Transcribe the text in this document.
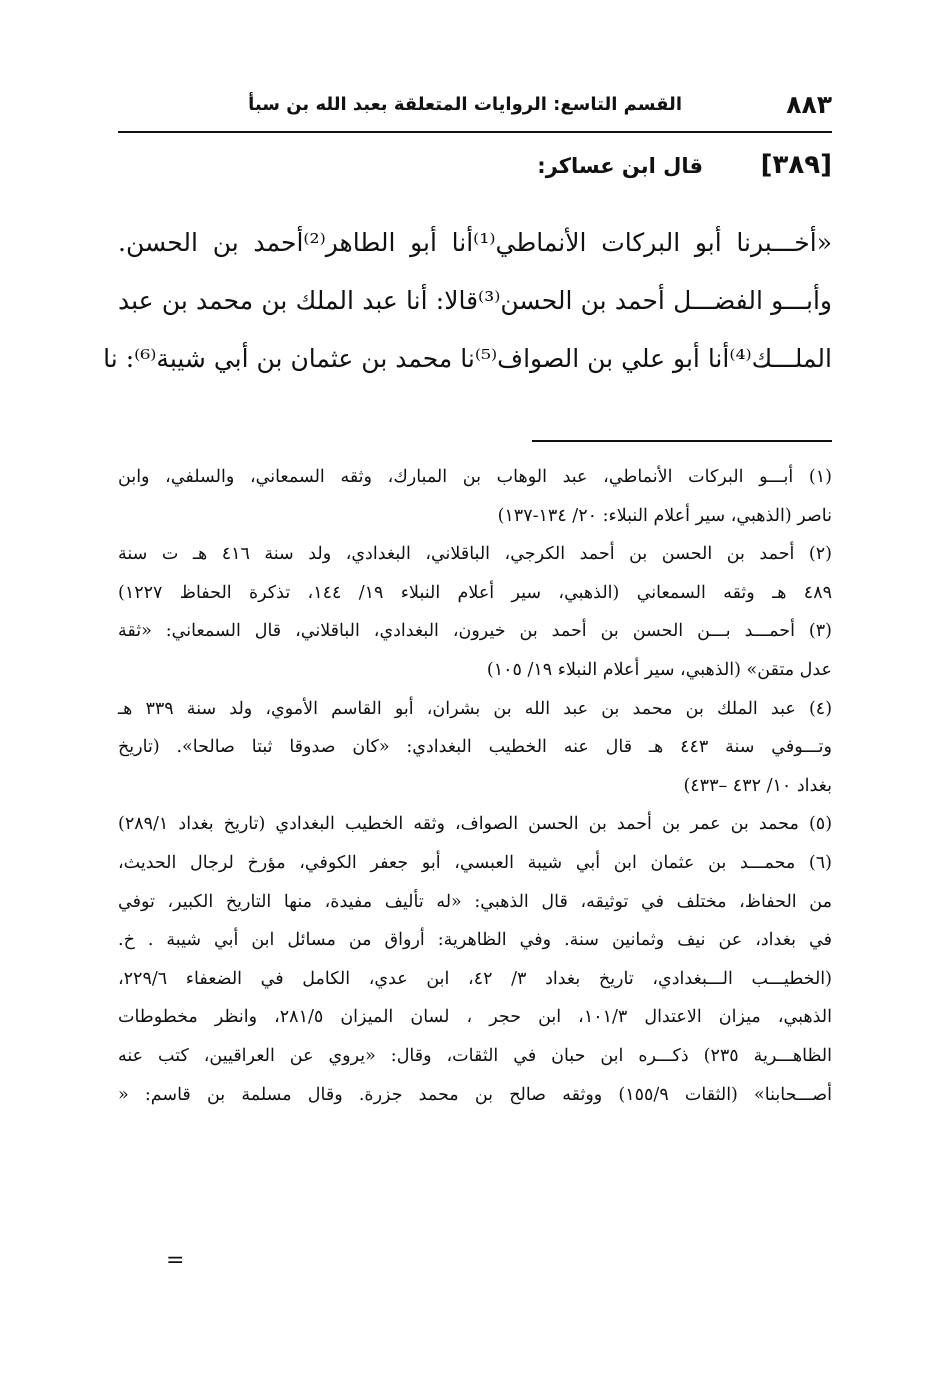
٨٨٣
القسم التاسع: الروايات المتعلقة بعبد الله بن سبأ
[٣٨٩] قال ابن عساكر:
«أخـــبرنا أبو البركات الأنماطي⁽¹⁾أنا أبو الطاهر⁽²⁾أحمد بن الحسن.
وأبـــو الفضـــل أحمد بن الحسن⁽³⁾قالا: أنا عبد الملك بن محمد بن عبد
الملـــك⁽⁴⁾أنا أبو علي بن الصواف⁽⁵⁾نا محمد بن عثمان بن أبي شيبة⁽⁶⁾: نا
(١) أبـــو البركات الأنماطي، عبد الوهاب بن المبارك، وثقه السمعاني، والسلفي، وابن
ناصر (الذهبي، سير أعلام النبلاء: ٢٠/ ١٣٤-١٣٧)
(٢) أحمد بن الحسن بن أحمد الكرجي، الباقلاني، البغدادي، ولد سنة ٤١٦ هـ ت سنة
٤٨٩ هـ وثقه السمعاني (الذهبي، سير أعلام النبلاء ١٩/ ١٤٤، تذكرة الحفاظ ١٢٢٧)
(٣) أحمـــد بـــن الحسن بن أحمد بن خيرون، البغدادي، الباقلاني، قال السمعاني: «ثقة
عدل متقن» (الذهبي، سير أعلام النبلاء ١٩/ ١٠٥)
(٤) عبد الملك بن محمد بن عبد الله بن بشران، أبو القاسم الأموي، ولد سنة ٣٣٩ هـ
وتـــوفي سنة ٤٤٣ هـ قال عنه الخطيب البغدادي: «كان صدوقا ثبتا صالحا». (تاريخ
بغداد ١٠/ ٤٣٢ –٤٣٣)
(٥) محمد بن عمر بن أحمد بن الحسن الصواف، وثقه الخطيب البغدادي (تاريخ بغداد ٢٨٩/١)
(٦) محمـــد بن عثمان ابن أبي شيبة العبسي، أبو جعفر الكوفي، مؤرخ لرجال الحديث،
من الحفاظ، مختلف في توثيقه، قال الذهبي: «له تأليف مفيدة، منها التاريخ الكبير، توفي
في بغداد، عن نيف وثمانين سنة. وفي الظاهرية: أرواق من مسائل ابن أبي شيبة . خ.
(الخطيـــب الـــبغدادي، تاريخ بغداد ٣/ ٤٢، ابن عدي، الكامل في الضعفاء ٢٢٩/٦،
الذهبي، ميزان الاعتدال ١٠١/٣، ابن حجر ، لسان الميزان ٢٨١/٥، وانظر مخطوطات
الظاهـــرية ٢٣٥) ذكـــره ابن حبان في الثقات، وقال: «يروي عن العراقيين، كتب عنه
أصـــحابنا» (الثقات ١٥٥/٩) ووثقه صالح بن محمد جزرة. وقال مسلمة بن قاسم: «
=
